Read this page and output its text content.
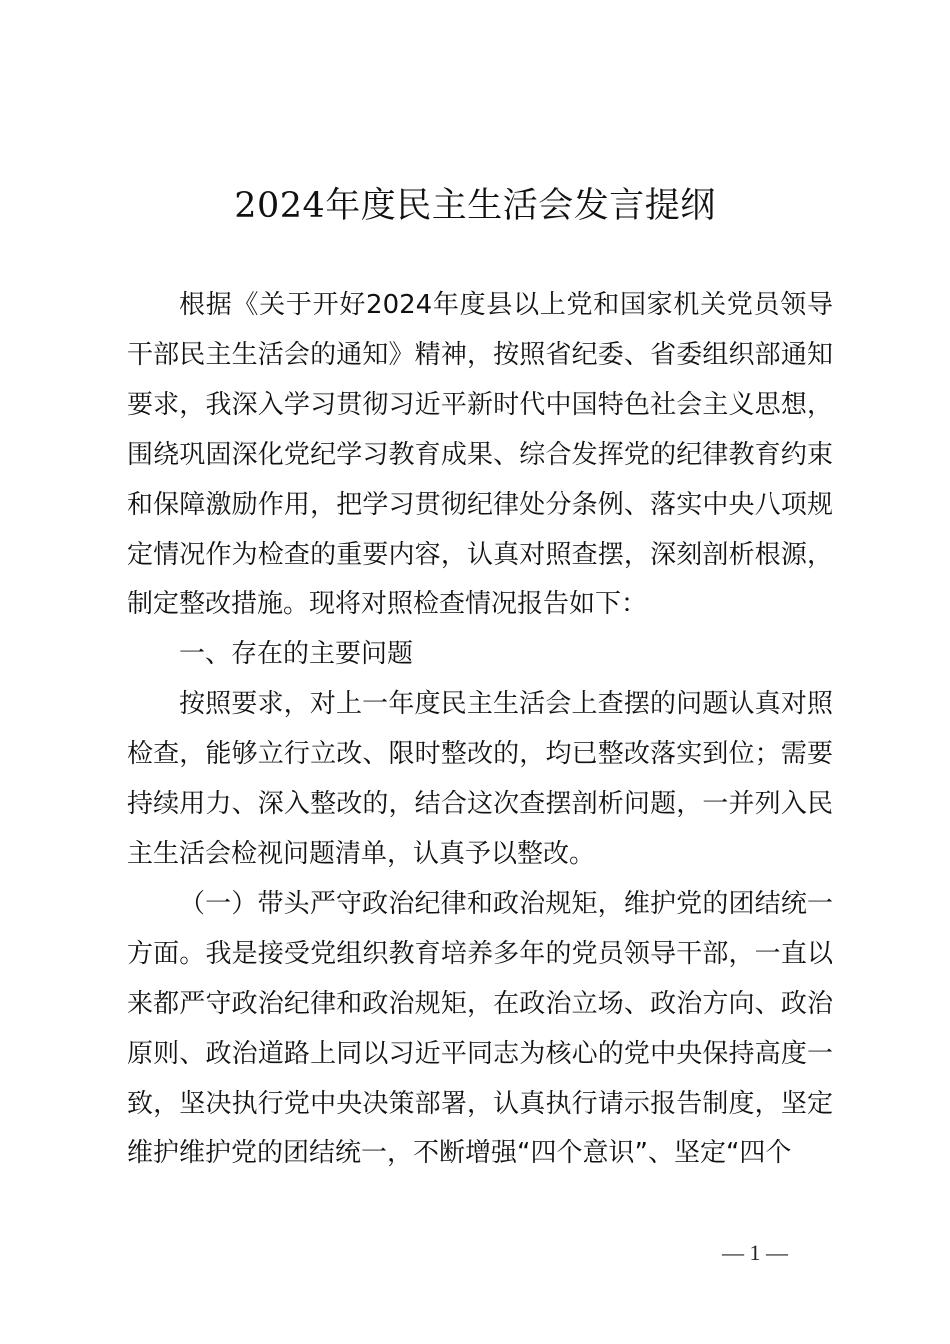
2024年度民主生活会发言提纲

根据《关于开好2024年度县以上党和国家机关党员领导干部民主生活会的通知》精神，按照省纪委、省委组织部通知要求，我深入学习贯彻习近平新时代中国特色社会主义思想，围绕巩固深化党纪学习教育成果、综合发挥党的纪律教育约束和保障激励作用，把学习贯彻纪律处分条例、落实中央八项规定情况作为检查的重要内容，认真对照查摆，深刻剖析根源，制定整改措施。现将对照检查情况报告如下：

一、存在的主要问题

按照要求，对上一年度民主生活会上查摆的问题认真对照检查，能够立行立改、限时整改的，均已整改落实到位；需要持续用力、深入整改的，结合这次查摆剖析问题，一并列入民主生活会检视问题清单，认真予以整改。

（一）带头严守政治纪律和政治规矩，维护党的团结统一方面。我是接受党组织教育培养多年的党员领导干部，一直以来都严守政治纪律和政治规矩，在政治立场、政治方向、政治原则、政治道路上同以习近平同志为核心的党中央保持高度一致，坚决执行党中央决策部署，认真执行请示报告制度，坚定维护维护党的团结统一，不断增强“四个意识”、坚定“四个

— 1 —
